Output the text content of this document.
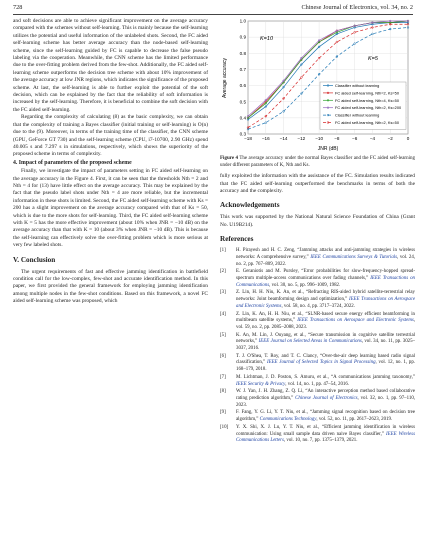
728	Chinese Journal of Electronics, vol. 34, no. 2

and soft decisions are able to achieve significant improvement on the average accuracy compared with the schemes without self-learning. This is mainly because the self-learning utilizes the potential and useful information of the unlabeled shots. Second, the FC aided self-learning scheme has better average accuracy than the node-based self-learning scheme, since the self-learning guided by FC is capable to decrease the false pseudo labeling via the cooperation. Meanwhile, the CNN scheme has the limited performance due to the over-fitting problem derived from the few-shot. Additionally, the FC aided self-learning scheme outperforms the decision tree scheme with about 10% improvement of the average accuracy at low JNR regions, which indicates the significance of the proposed scheme. At last, the self-learning is able to further exploit the potential of the soft decision, which can be explained by the fact that the reliability of soft information is increased by the self-learning. Therefore, it is beneficial to combine the soft decision with the FC aided self-learning.

Regarding the complexity of calculating (8) as the basic complexity, we can obtain that the complexity of training a Bayes classifier (initial training or self-learning) is O(n) due to the (9). Moreover, in terms of the training time of the classifier, the CNN scheme (GPU, GeForce GT 730) and the self-learning scheme (CPU, i7-10700, 2.90 GHz) spend 40.005 s and 7.297 s in simulations, respectively, which shows the superiority of the proposed scheme in terms of complexity.

4. Impact of parameters of the proposed scheme

Finally, we investigate the impact of parameters setting in FC aided self-learning on the average accuracy in the Figure 4. First, it can be seen that the thresholds Nth = 2 and Nth = 4 for (13) have little effect on the average accuracy. This may be explained by the fact that the pseudo label shots under Nth = 4 are more reliable, but the incremental information in these shots is limited. Second, the FC aided self-learning scheme with Ks = 200 has a slight improvement on the average accuracy compared with that of Ks = 50, which is due to the more shots for self-learning. Third, the FC aided self-learning scheme with K = 5 has the more effective improvement (about 10% when JNR = −10 dB) on the average accuracy than that with K = 10 (about 3% when JNR = −10 dB). This is because the self-learning can effectively solve the over-fitting problem which is more serious at very few labeled shots.

V. Conclusion

The urgent requirements of fast and effective jamming identification in battlefield condition call for the low-complex, few-shot and accurate identification method. In this paper, we first provided the general framework for employing jamming identification among multiple nodes in the few-shot conditions. Based on this framework, a novel FC aided self-learning scheme was proposed, which

−18 −16 −14 −12 −10 −8	−6	−4	−2	0
0.3
0.4
0.5
0.6
0.7
0.8
0.9
1.0
Average accuracy
JNR (dB)
K=10
K=5
Classifier without learning
FC aided self-learning, Nth=2, Ks=50
FC aided self-learning, Nth=4, Ks=50
FC aided self-learning, Nth=2, Ks=200
Classifier without learning
FC aided self-learning, Nth=2, Ks=50
Figure 4 The average accuracy under the normal Bayes classifier and the FC aided self-learning under different parameters of K, Nth and Ks.

fully exploited the information with the assistance of the FC. Simulation results indicated that the FC aided self-learning outperformed the benchmarks in terms of both the accuracy and the complexity.

Acknowledgements

This work was supported by the National Natural Science Foundation of China (Grant No. U19B214).

References
[1]	H. Pirayesh and H. C. Zeng, “Jamming attacks and anti-jamming strategies in wireless networks: A comprehensive survey,” IEEE Communications Surveys & Tutorials, vol. 24, no. 2, pp. 767–809, 2022.
[2]	E. Geraniotis and M. Pursley, “Error probabilities for slow-frequency-hopped spread-spectrum multiple-access communications over fading channels,” IEEE Transactions on Communications, vol. 30, no. 5, pp. 996–1009, 1982.
[3]	Z. Lin, H. H. Niu, K. An, et al., “Refracting RIS-aided hybrid satellite-terrestrial relay networks: Joint beamforming design and optimization,” IEEE Transactions on Aerospace and Electronic Systems, vol. 58, no. 4, pp. 3717–3724, 2022.
[4]	Z. Lin, K. An, H. H. Niu, et al., “SLNR-based secure energy efficient beamforming in multibeam satellite systems,” IEEE Transactions on Aerospace and Electronic Systems, vol. 59, no. 2, pp. 2085–2088, 2023.
[5]	K. An, M. Lin, J. Ouyang, et al., “Secure transmission in cognitive satellite terrestrial networks,” IEEE Journal on Selected Areas in Communications, vol. 34, no. 11, pp. 3025–3037, 2016.
[6]	T. J. O'Shea, T. Roy, and T. C. Clancy, “Over-the-air deep learning based radio signal classification,” IEEE Journal of Selected Topics in Signal Processing, vol. 12, no. 1, pp. 168–179, 2018.
[7]	M. Lichtman, J. D. Poston, S. Amuru, et al., “A communications jamming taxonomy,” IEEE Security & Privacy, vol. 14, no. 1, pp. 47–54, 2016.
[8]	W. J. Yan, J. H. Zhang, Z. Q. Li, “An interactive perception method based collaborative rating prediction algorithm,” Chinese Journal of Electronics, vol. 32, no. 1, pp. 97–110, 2023.
[9]	F. Fang, Y. G. Li, Y. T. Niu, et al., “Jamming signal recognition based on decision tree algorithm,” Communications Technology, vol. 52, no. 11, pp. 2617–2623, 2019.
[10]	Y. X. Shi, X. J. Lu, Y. T. Niu, et al., “Efficient jamming identification in wireless communication: Using small sample data driven naive Bayes classifier,” IEEE Wireless Communications Letters, vol. 10, no. 7, pp. 1375–1379, 2021.
